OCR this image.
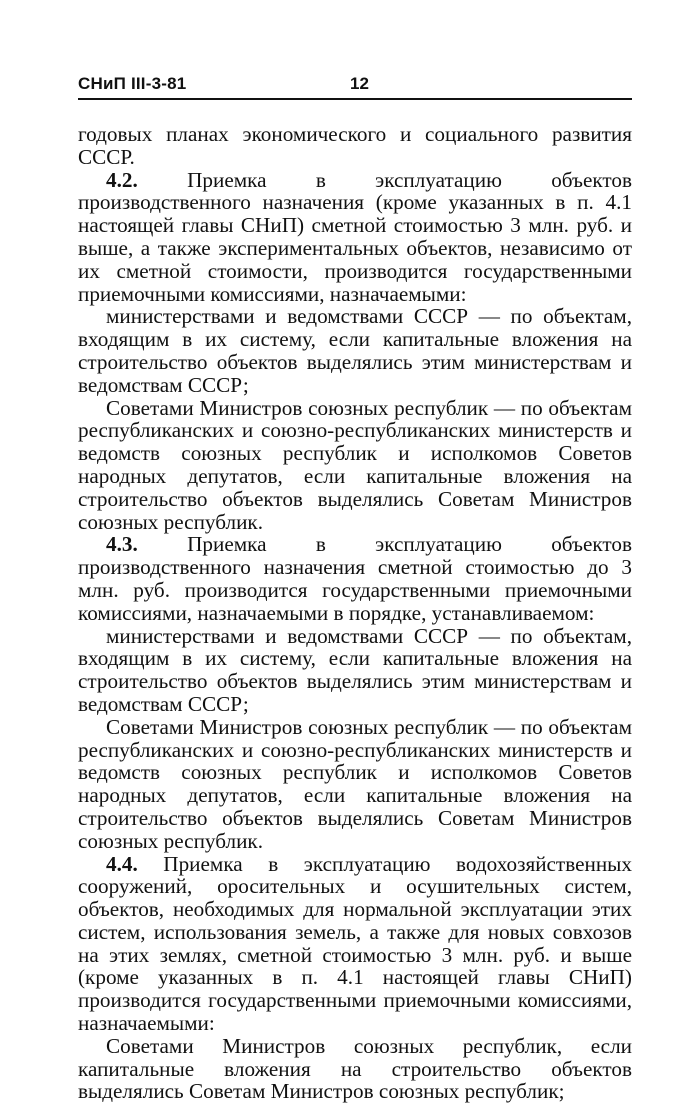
СНиП III-3-81	12

годовых планах экономического и социального развития СССР.

4.2. Приемка в эксплуатацию объектов производственного назначения (кроме указанных в п. 4.1 настоящей главы СНиП) сметной стоимостью 3 млн. руб. и выше, а также экспериментальных объектов, независимо от их сметной стоимости, производится государственными приемочными комиссиями, назначаемыми:

министерствами и ведомствами СССР — по объектам, входящим в их систему, если капитальные вложения на строительство объектов выделялись этим министерствам и ведомствам СССР;

Советами Министров союзных республик — по объектам республиканских и союзно-республиканских министерств и ведомств союзных республик и исполкомов Советов народных депутатов, если капитальные вложения на строительство объектов выделялись Советам Министров союзных республик.

4.3. Приемка в эксплуатацию объектов производственного назначения сметной стоимостью до 3 млн. руб. производится государственными приемочными комиссиями, назначаемыми в порядке, устанавливаемом:

министерствами и ведомствами СССР — по объектам, входящим в их систему, если капитальные вложения на строительство объектов выделялись этим министерствам и ведомствам СССР;

Советами Министров союзных республик — по объектам республиканских и союзно-республиканских министерств и ведомств союзных республик и исполкомов Советов народных депутатов, если капитальные вложения на строительство объектов выделялись Советам Министров союзных республик.

4.4. Приемка в эксплуатацию водохозяйственных сооружений, оросительных и осушительных систем, объектов, необходимых для нормальной эксплуатации этих систем, использования земель, а также для новых совхозов на этих землях, сметной стоимостью 3 млн. руб. и выше (кроме указанных в п. 4.1 настоящей главы СНиП) производится государственными приемочными комиссиями, назначаемыми:

Советами Министров союзных республик, если капитальные вложения на строительство объектов выделялись Советам Министров союзных республик;
